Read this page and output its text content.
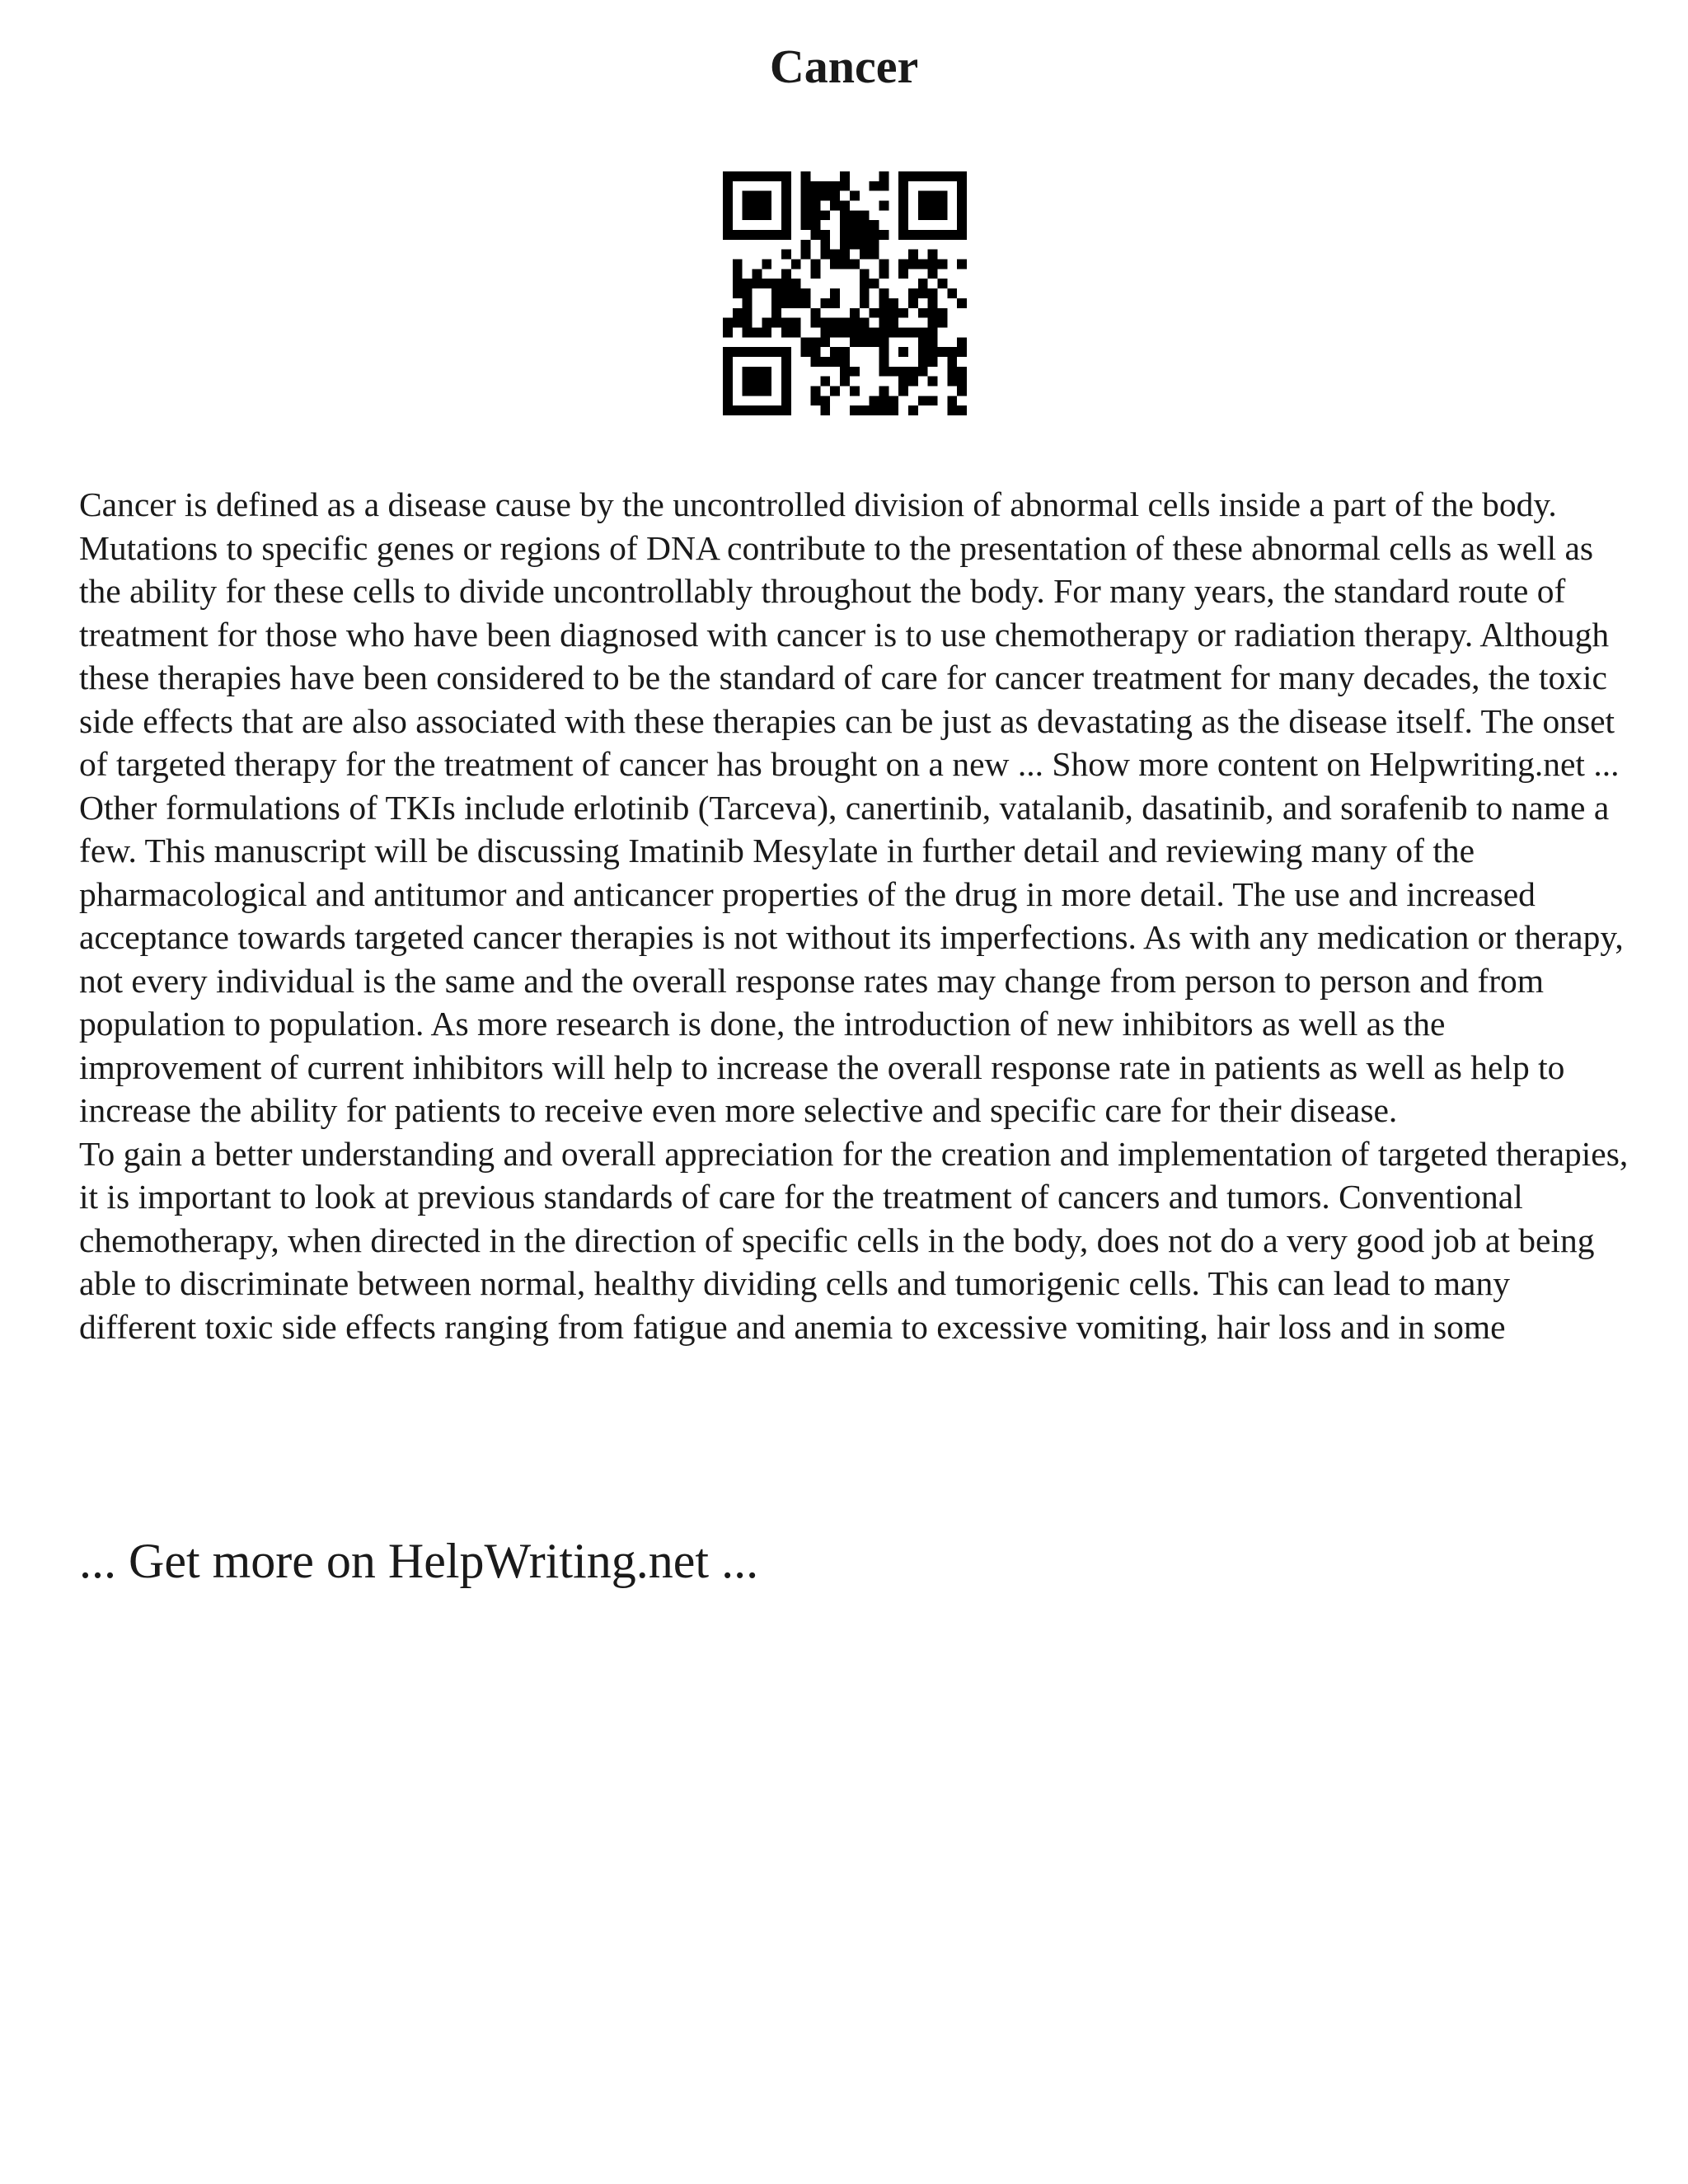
Cancer

Cancer is defined as a disease cause by the uncontrolled division of abnormal cells inside a part of the body. Mutations to specific genes or regions of DNA contribute to the presentation of these abnormal cells as well as the ability for these cells to divide uncontrollably throughout the body. For many years, the standard route of treatment for those who have been diagnosed with cancer is to use chemotherapy or radiation therapy. Although these therapies have been considered to be the standard of care for cancer treatment for many decades, the toxic side effects that are also associated with these therapies can be just as devastating as the disease itself. The onset of targeted therapy for the treatment of cancer has brought on a new ... Show more content on Helpwriting.net ...

Other formulations of TKIs include erlotinib (Tarceva), canertinib, vatalanib, dasatinib, and sorafenib to name a few. This manuscript will be discussing Imatinib Mesylate in further detail and reviewing many of the pharmacological and antitumor and anticancer properties of the drug in more detail. The use and increased acceptance towards targeted cancer therapies is not without its imperfections. As with any medication or therapy, not every individual is the same and the overall response rates may change from person to person and from population to population. As more research is done, the introduction of new inhibitors as well as the improvement of current inhibitors will help to increase the overall response rate in patients as well as help to increase the ability for patients to receive even more selective and specific care for their disease.

To gain a better understanding and overall appreciation for the creation and implementation of targeted therapies, it is important to look at previous standards of care for the treatment of cancers and tumors. Conventional chemotherapy, when directed in the direction of specific cells in the body, does not do a very good job at being able to discriminate between normal, healthy dividing cells and tumorigenic cells. This can lead to many different toxic side effects ranging from fatigue and anemia to excessive vomiting, hair loss and in some

... Get more on HelpWriting.net ...
